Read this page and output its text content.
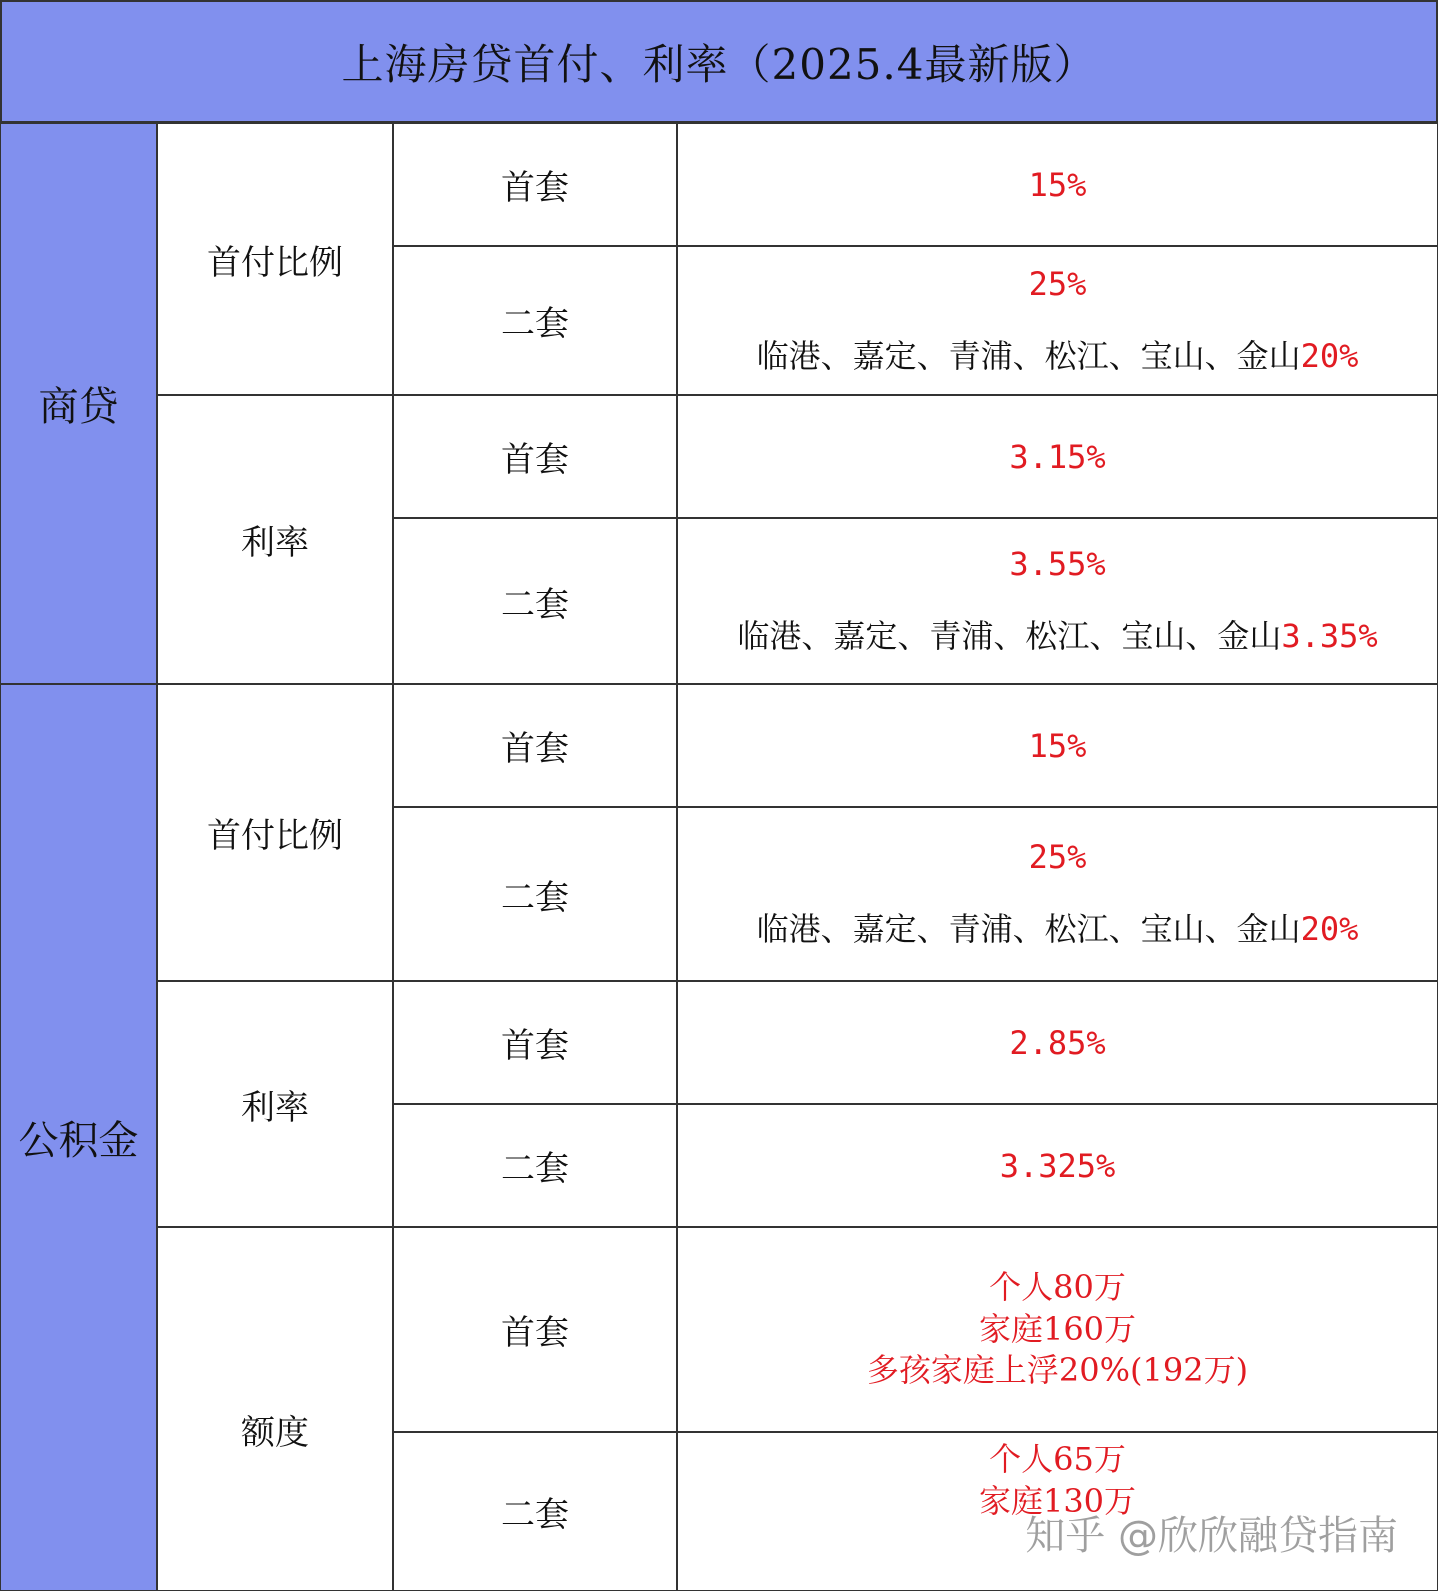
上海房贷首付、利率（2025.4最新版）
商贷
公积金
首付比例
利率
首付比例
利率
额度
首套
二套
首套
二套
首套
二套
首套
二套
首套
二套
15%
25%
临港、嘉定、青浦、松江、宝山、金山20%
3.15%
3.55%
临港、嘉定、青浦、松江、宝山、金山3.35%
15%
25%
临港、嘉定、青浦、松江、宝山、金山20%
2.85%
3.325%
个人80万
家庭160万
多孩家庭上浮20%(192万)
个人65万
家庭130万
知乎 @欣欣融贷指南
